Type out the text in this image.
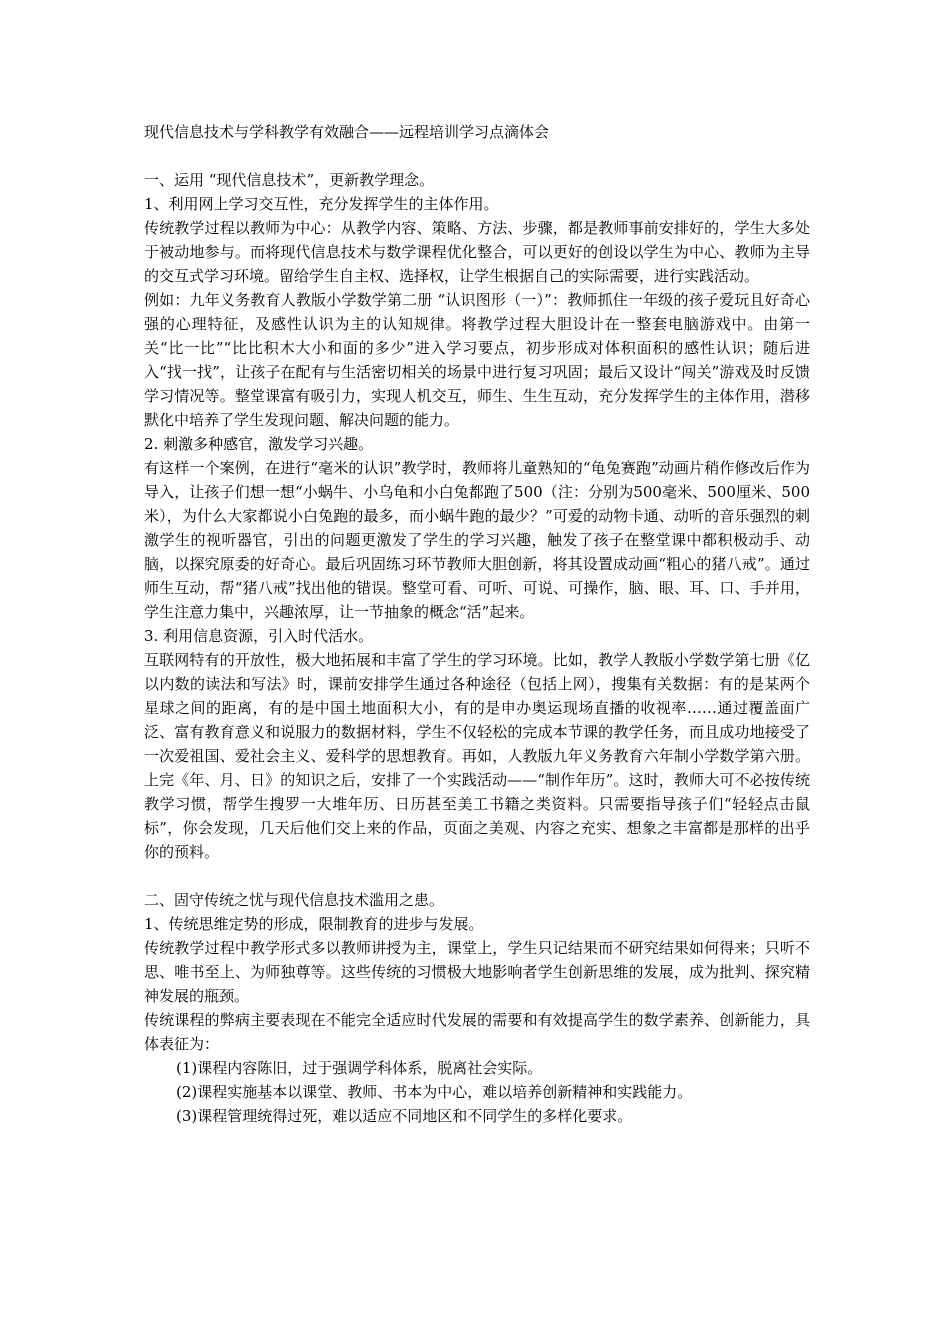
现代信息技术与学科教学有效融合——远程培训学习点滴体会

一、运用 “现代信息技术”，更新教学理念。

1、利用网上学习交互性，充分发挥学生的主体作用。

传统教学过程以教师为中心：从教学内容、策略、方法、步骤，都是教师事前安排好的，学生大多处于被动地参与。而将现代信息技术与数学课程优化整合，可以更好的创设以学生为中心、教师为主导的交互式学习环境。留给学生自主权、选择权，让学生根据自己的实际需要，进行实践活动。

例如：九年义务教育人教版小学数学第二册 “认识图形（一）”：教师抓住一年级的孩子爱玩且好奇心强的心理特征，及感性认识为主的认知规律。将教学过程大胆设计在一整套电脑游戏中。由第一关“比一比”“比比积木大小和面的多少”进入学习要点，初步形成对体积面积的感性认识；随后进入“找一找”，让孩子在配有与生活密切相关的场景中进行复习巩固；最后又设计“闯关”游戏及时反馈学习情况等。整堂课富有吸引力，实现人机交互，师生、生生互动，充分发挥学生的主体作用，潜移默化中培养了学生发现问题、解决问题的能力。

2. 刺激多种感官，激发学习兴趣。

有这样一个案例，在进行“毫米的认识”教学时，教师将儿童熟知的“龟兔赛跑”动画片稍作修改后作为导入，让孩子们想一想“小蜗牛、小乌龟和小白兔都跑了500（注：分别为500毫米、500厘米、500米），为什么大家都说小白兔跑的最多，而小蜗牛跑的最少？”可爱的动物卡通、动听的音乐强烈的刺激学生的视听器官，引出的问题更激发了学生的学习兴趣，触发了孩子在整堂课中都积极动手、动脑，以探究原委的好奇心。最后巩固练习环节教师大胆创新，将其设置成动画“粗心的猪八戒”。通过师生互动，帮“猪八戒”找出他的错误。整堂可看、可听、可说、可操作，脑、眼、耳、口、手并用，学生注意力集中，兴趣浓厚，让一节抽象的概念“活”起来。

3. 利用信息资源，引入时代活水。

互联网特有的开放性，极大地拓展和丰富了学生的学习环境。比如，教学人教版小学数学第七册《亿以内数的读法和写法》时，课前安排学生通过各种途径（包括上网），搜集有关数据：有的是某两个星球之间的距离，有的是中国土地面积大小，有的是申办奥运现场直播的收视率……通过覆盖面广泛、富有教育意义和说服力的数据材料，学生不仅轻松的完成本节课的教学任务，而且成功地接受了一次爱祖国、爱社会主义、爱科学的思想教育。再如，人教版九年义务教育六年制小学数学第六册。上完《年、月、日》的知识之后，安排了一个实践活动——“制作年历”。这时，教师大可不必按传统教学习惯，帮学生搜罗一大堆年历、日历甚至美工书籍之类资料。只需要指导孩子们“轻轻点击鼠标”，你会发现，几天后他们交上来的作品，页面之美观、内容之充实、想象之丰富都是那样的出乎你的预料。

二、固守传统之忧与现代信息技术滥用之患。

1、传统思维定势的形成，限制教育的进步与发展。

传统教学过程中教学形式多以教师讲授为主，课堂上，学生只记结果而不研究结果如何得来；只听不思、唯书至上、为师独尊等。这些传统的习惯极大地影响者学生创新思维的发展，成为批判、探究精神发展的瓶颈。

传统课程的弊病主要表现在不能完全适应时代发展的需要和有效提高学生的数学素养、创新能力，具体表征为：

(1)课程内容陈旧，过于强调学科体系，脱离社会实际。

(2)课程实施基本以课堂、教师、书本为中心，难以培养创新精神和实践能力。

(3)课程管理统得过死，难以适应不同地区和不同学生的多样化要求。
